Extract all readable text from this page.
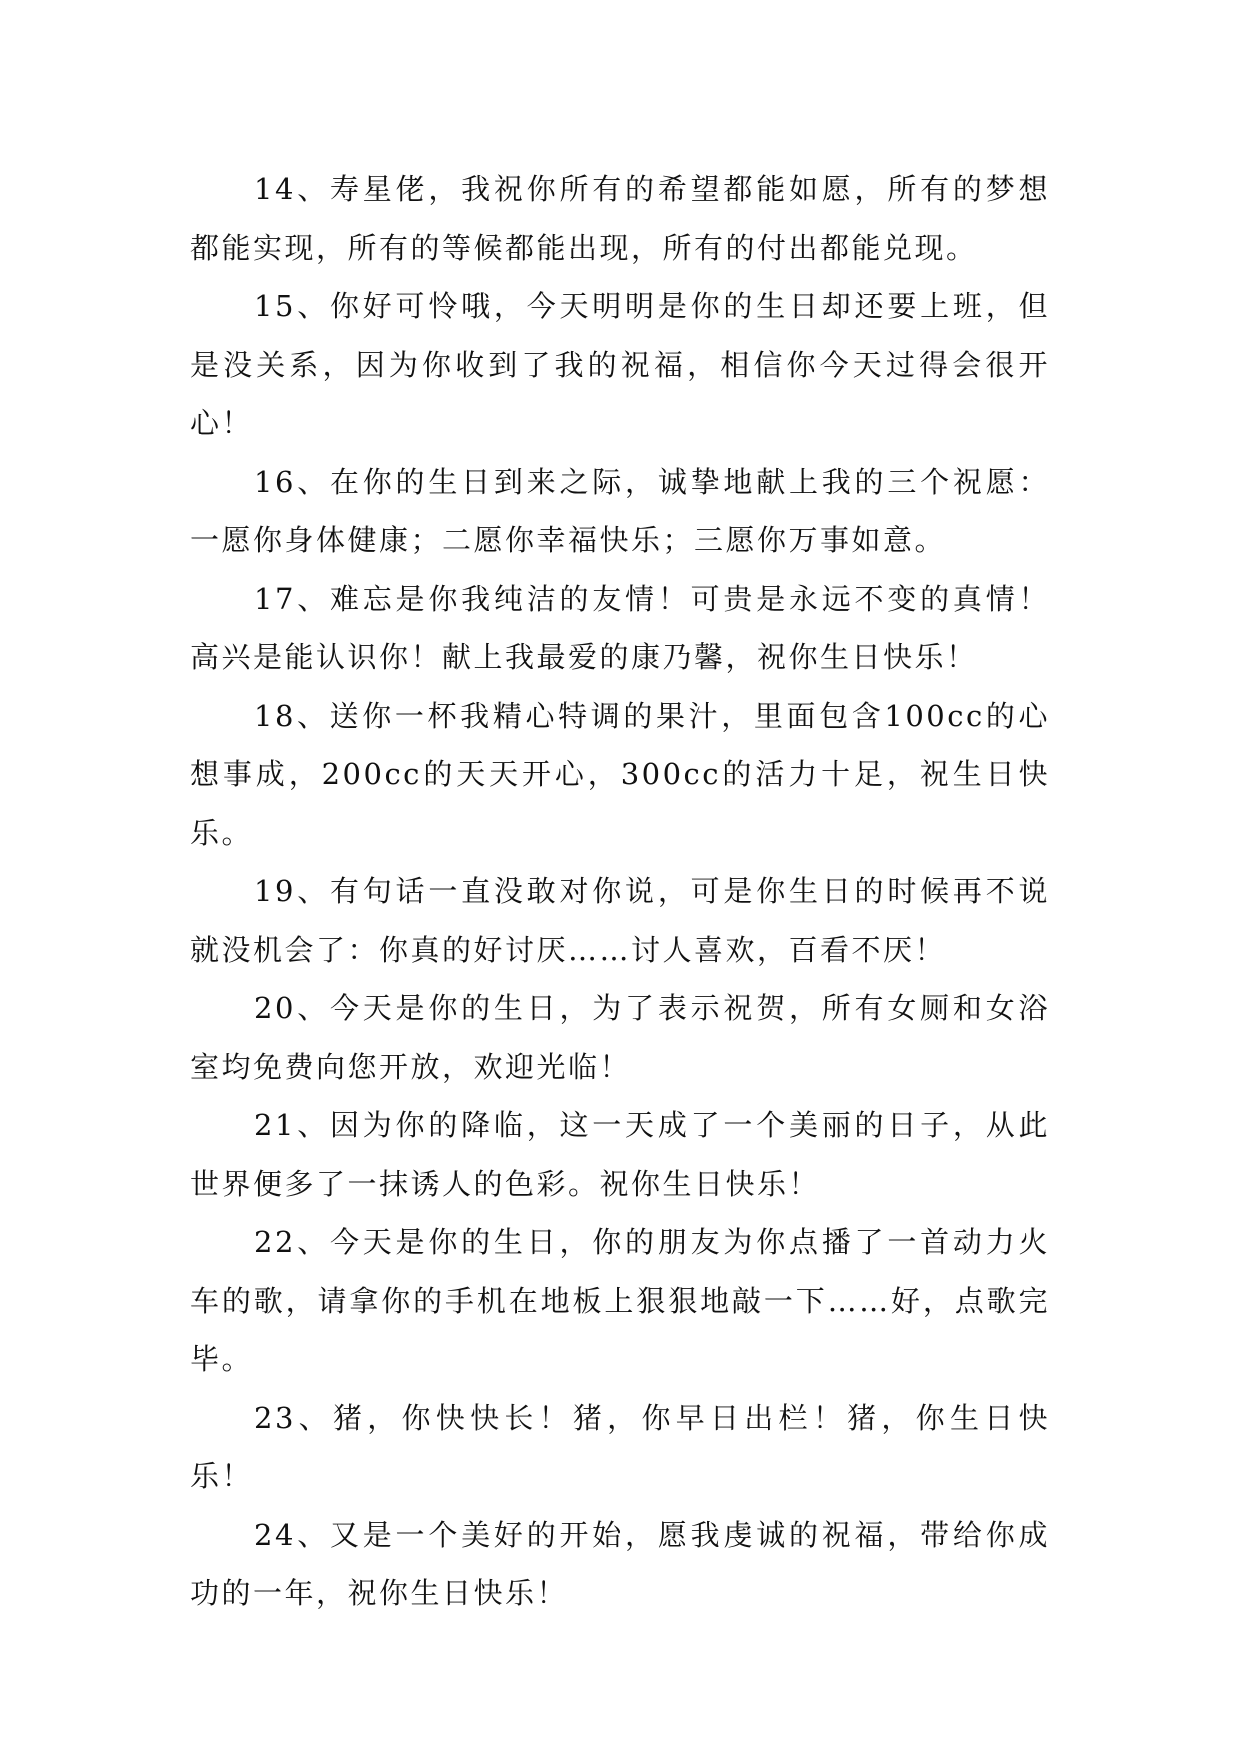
14、寿星佬，我祝你所有的希望都能如愿，所有的梦想都能实现，所有的等候都能出现，所有的付出都能兑现。

15、你好可怜哦，今天明明是你的生日却还要上班，但是没关系，因为你收到了我的祝福，相信你今天过得会很开心！

16、在你的生日到来之际，诚挚地献上我的三个祝愿：一愿你身体健康；二愿你幸福快乐；三愿你万事如意。

17、难忘是你我纯洁的友情！可贵是永远不变的真情！高兴是能认识你！献上我最爱的康乃馨，祝你生日快乐！

18、送你一杯我精心特调的果汁，里面包含100cc的心想事成，200cc的天天开心，300cc的活力十足，祝生日快乐。

19、有句话一直没敢对你说，可是你生日的时候再不说就没机会了：你真的好讨厌……讨人喜欢，百看不厌！

20、今天是你的生日，为了表示祝贺，所有女厕和女浴室均免费向您开放，欢迎光临！

21、因为你的降临，这一天成了一个美丽的日子，从此世界便多了一抹诱人的色彩。祝你生日快乐！

22、今天是你的生日，你的朋友为你点播了一首动力火车的歌，请拿你的手机在地板上狠狠地敲一下……好，点歌完毕。

23、猪，你快快长！猪，你早日出栏！猪，你生日快乐！

24、又是一个美好的开始，愿我虔诚的祝福，带给你成功的一年，祝你生日快乐！
